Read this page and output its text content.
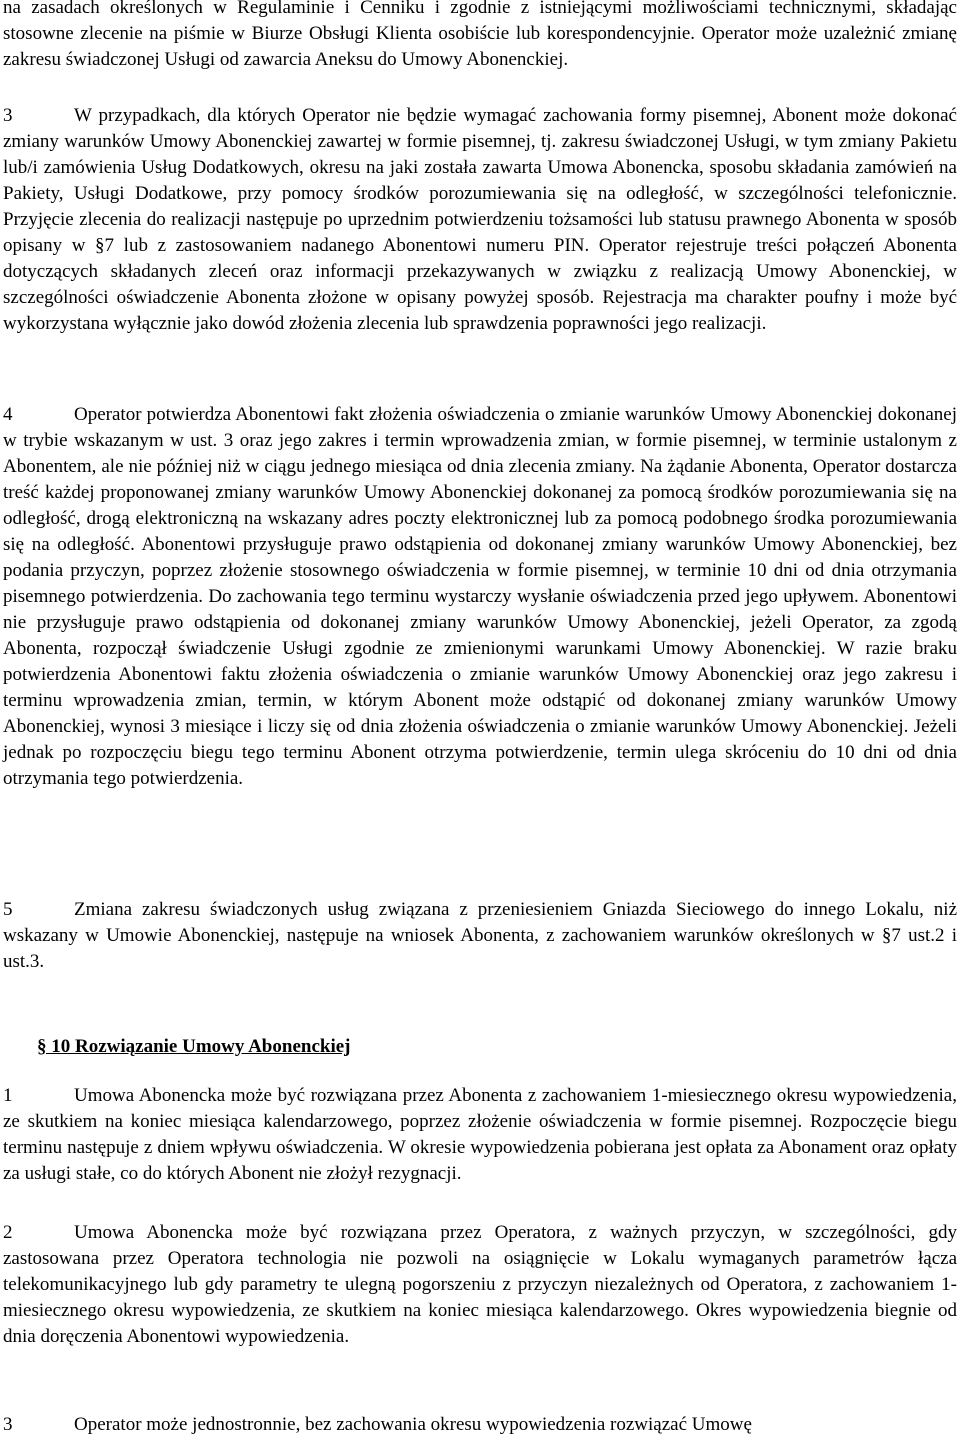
na zasadach określonych w Regulaminie i Cenniku i zgodnie z istniejącymi możliwościami technicznymi, składając stosowne zlecenie na piśmie w Biurze Obsługi Klienta osobiście lub korespondencyjnie. Operator może uzależnić zmianę zakresu świadczonej Usługi od zawarcia Aneksu do Umowy Abonenckiej.

3	W przypadkach, dla których Operator nie będzie wymagać zachowania formy pisemnej, Abonent może dokonać zmiany warunków Umowy Abonenckiej zawartej w formie pisemnej, tj. zakresu świadczonej Usługi, w tym zmiany Pakietu lub/i zamówienia Usług Dodatkowych, okresu na jaki została zawarta Umowa Abonencka, sposobu składania zamówień na Pakiety, Usługi Dodatkowe, przy pomocy środków porozumiewania się na odległość, w szczególności telefonicznie. Przyjęcie zlecenia do realizacji następuje po uprzednim potwierdzeniu tożsamości lub statusu prawnego Abonenta w sposób opisany w §7 lub z zastosowaniem nadanego Abonentowi numeru PIN. Operator rejestruje treści połączeń Abonenta dotyczących składanych zleceń oraz informacji przekazywanych w związku z realizacją Umowy Abonenckiej, w szczególności oświadczenie Abonenta złożone w opisany powyżej sposób. Rejestracja ma charakter poufny i może być wykorzystana wyłącznie jako dowód złożenia zlecenia lub sprawdzenia poprawności jego realizacji.

4	Operator potwierdza Abonentowi fakt złożenia oświadczenia o zmianie warunków Umowy Abonenckiej dokonanej w trybie wskazanym w ust. 3 oraz jego zakres i termin wprowadzenia zmian, w formie pisemnej, w terminie ustalonym z Abonentem, ale nie później niż w ciągu jednego miesiąca od dnia zlecenia zmiany. Na żądanie Abonenta, Operator dostarcza treść każdej proponowanej zmiany warunków Umowy Abonenckiej dokonanej za pomocą środków porozumiewania się na odległość, drogą elektroniczną na wskazany adres poczty elektronicznej lub za pomocą podobnego środka porozumiewania się na odległość. Abonentowi przysługuje prawo odstąpienia od dokonanej zmiany warunków Umowy Abonenckiej, bez podania przyczyn, poprzez złożenie stosownego oświadczenia w formie pisemnej, w terminie 10 dni od dnia otrzymania pisemnego potwierdzenia. Do zachowania tego terminu wystarczy wysłanie oświadczenia przed jego upływem. Abonentowi nie przysługuje prawo odstąpienia od dokonanej zmiany warunków Umowy Abonenckiej, jeżeli Operator, za zgodą Abonenta, rozpoczął świadczenie Usługi zgodnie ze zmienionymi warunkami Umowy Abonenckiej. W razie braku potwierdzenia Abonentowi faktu złożenia oświadczenia o zmianie warunków Umowy Abonenckiej oraz jego zakresu i terminu wprowadzenia zmian, termin, w którym Abonent może odstąpić od dokonanej zmiany warunków Umowy Abonenckiej, wynosi 3 miesiące i liczy się od dnia złożenia oświadczenia o zmianie warunków Umowy Abonenckiej. Jeżeli jednak po rozpoczęciu biegu tego terminu Abonent otrzyma potwierdzenie, termin ulega skróceniu do 10 dni od dnia otrzymania tego potwierdzenia.

5	Zmiana zakresu świadczonych usług związana z przeniesieniem Gniazda Sieciowego do innego Lokalu, niż wskazany w Umowie Abonenckiej, następuje na wniosek Abonenta, z zachowaniem warunków określonych w §7 ust.2 i ust.3.

§ 10 Rozwiązanie Umowy Abonenckiej

1	Umowa Abonencka może być rozwiązana przez Abonenta z zachowaniem 1-miesiecznego okresu wypowiedzenia, ze skutkiem na koniec miesiąca kalendarzowego, poprzez złożenie oświadczenia w formie pisemnej. Rozpoczęcie biegu terminu następuje z dniem wpływu oświadczenia. W okresie wypowiedzenia pobierana jest opłata za Abonament oraz opłaty za usługi stałe, co do których Abonent nie złożył rezygnacji.

2	Umowa Abonencka może być rozwiązana przez Operatora, z ważnych przyczyn, w szczególności, gdy zastosowana przez Operatora technologia nie pozwoli na osiągnięcie w Lokalu wymaganych parametrów łącza telekomunikacyjnego lub gdy parametry te ulegną pogorszeniu z przyczyn niezależnych od Operatora, z zachowaniem 1-miesiecznego okresu wypowiedzenia, ze skutkiem na koniec miesiąca kalendarzowego. Okres wypowiedzenia biegnie od dnia doręczenia Abonentowi wypowiedzenia.

3	Operator może jednostronnie, bez zachowania okresu wypowiedzenia rozwiązać Umowę
